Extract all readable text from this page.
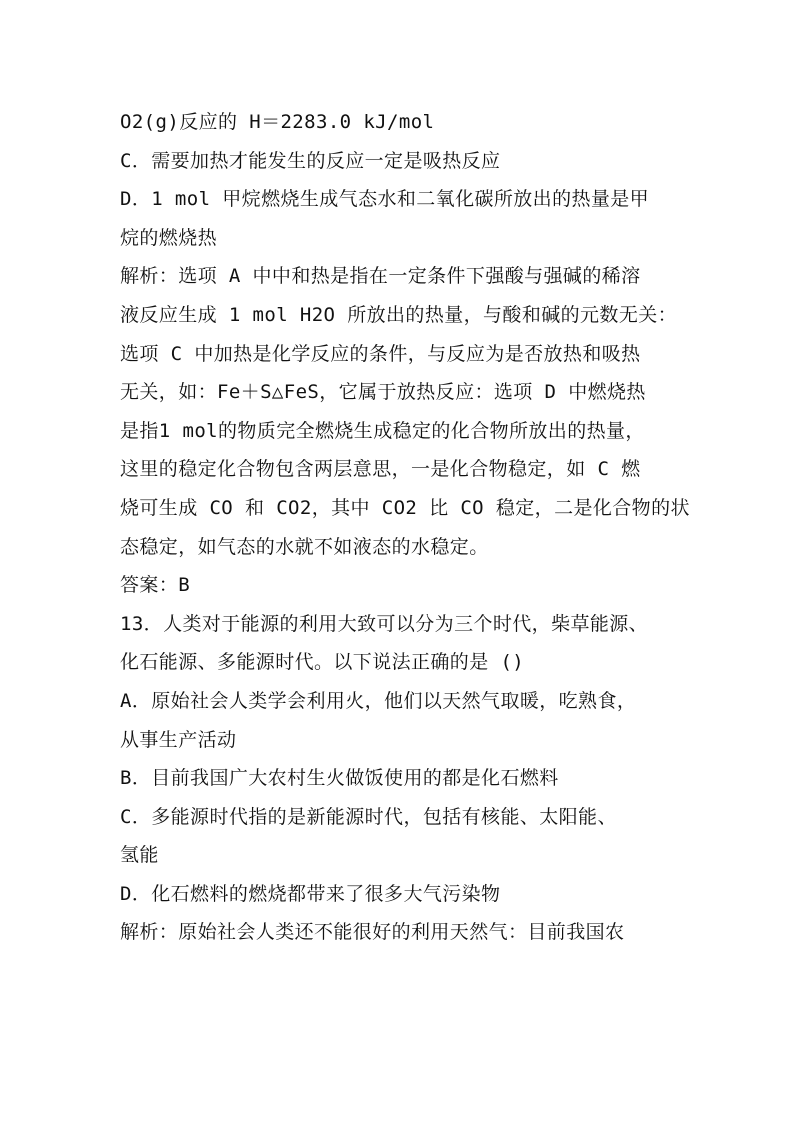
O2(g)反应的 H＝2283.0 kJ/mol
C．需要加热才能发生的反应一定是吸热反应
D．1 mol 甲烷燃烧生成气态水和二氧化碳所放出的热量是甲
烷的燃烧热
解析：选项 A 中中和热是指在一定条件下强酸与强碱的稀溶
液反应生成 1 mol H2O 所放出的热量，与酸和碱的元数无关：
选项 C 中加热是化学反应的条件，与反应为是否放热和吸热
无关，如：Fe＋S△FeS，它属于放热反应：选项 D 中燃烧热
是指1 mol的物质完全燃烧生成稳定的化合物所放出的热量，
这里的稳定化合物包含两层意思，一是化合物稳定，如 C 燃
烧可生成 CO 和 CO2，其中 CO2 比 CO 稳定，二是化合物的状
态稳定，如气态的水就不如液态的水稳定。
答案：B
13．人类对于能源的利用大致可以分为三个时代，柴草能源、
化石能源、多能源时代。以下说法正确的是 ()
A．原始社会人类学会利用火，他们以天然气取暖，吃熟食，
从事生产活动
B．目前我国广大农村生火做饭使用的都是化石燃料
C．多能源时代指的是新能源时代，包括有核能、太阳能、
氢能
D．化石燃料的燃烧都带来了很多大气污染物
解析：原始社会人类还不能很好的利用天然气：目前我国农
